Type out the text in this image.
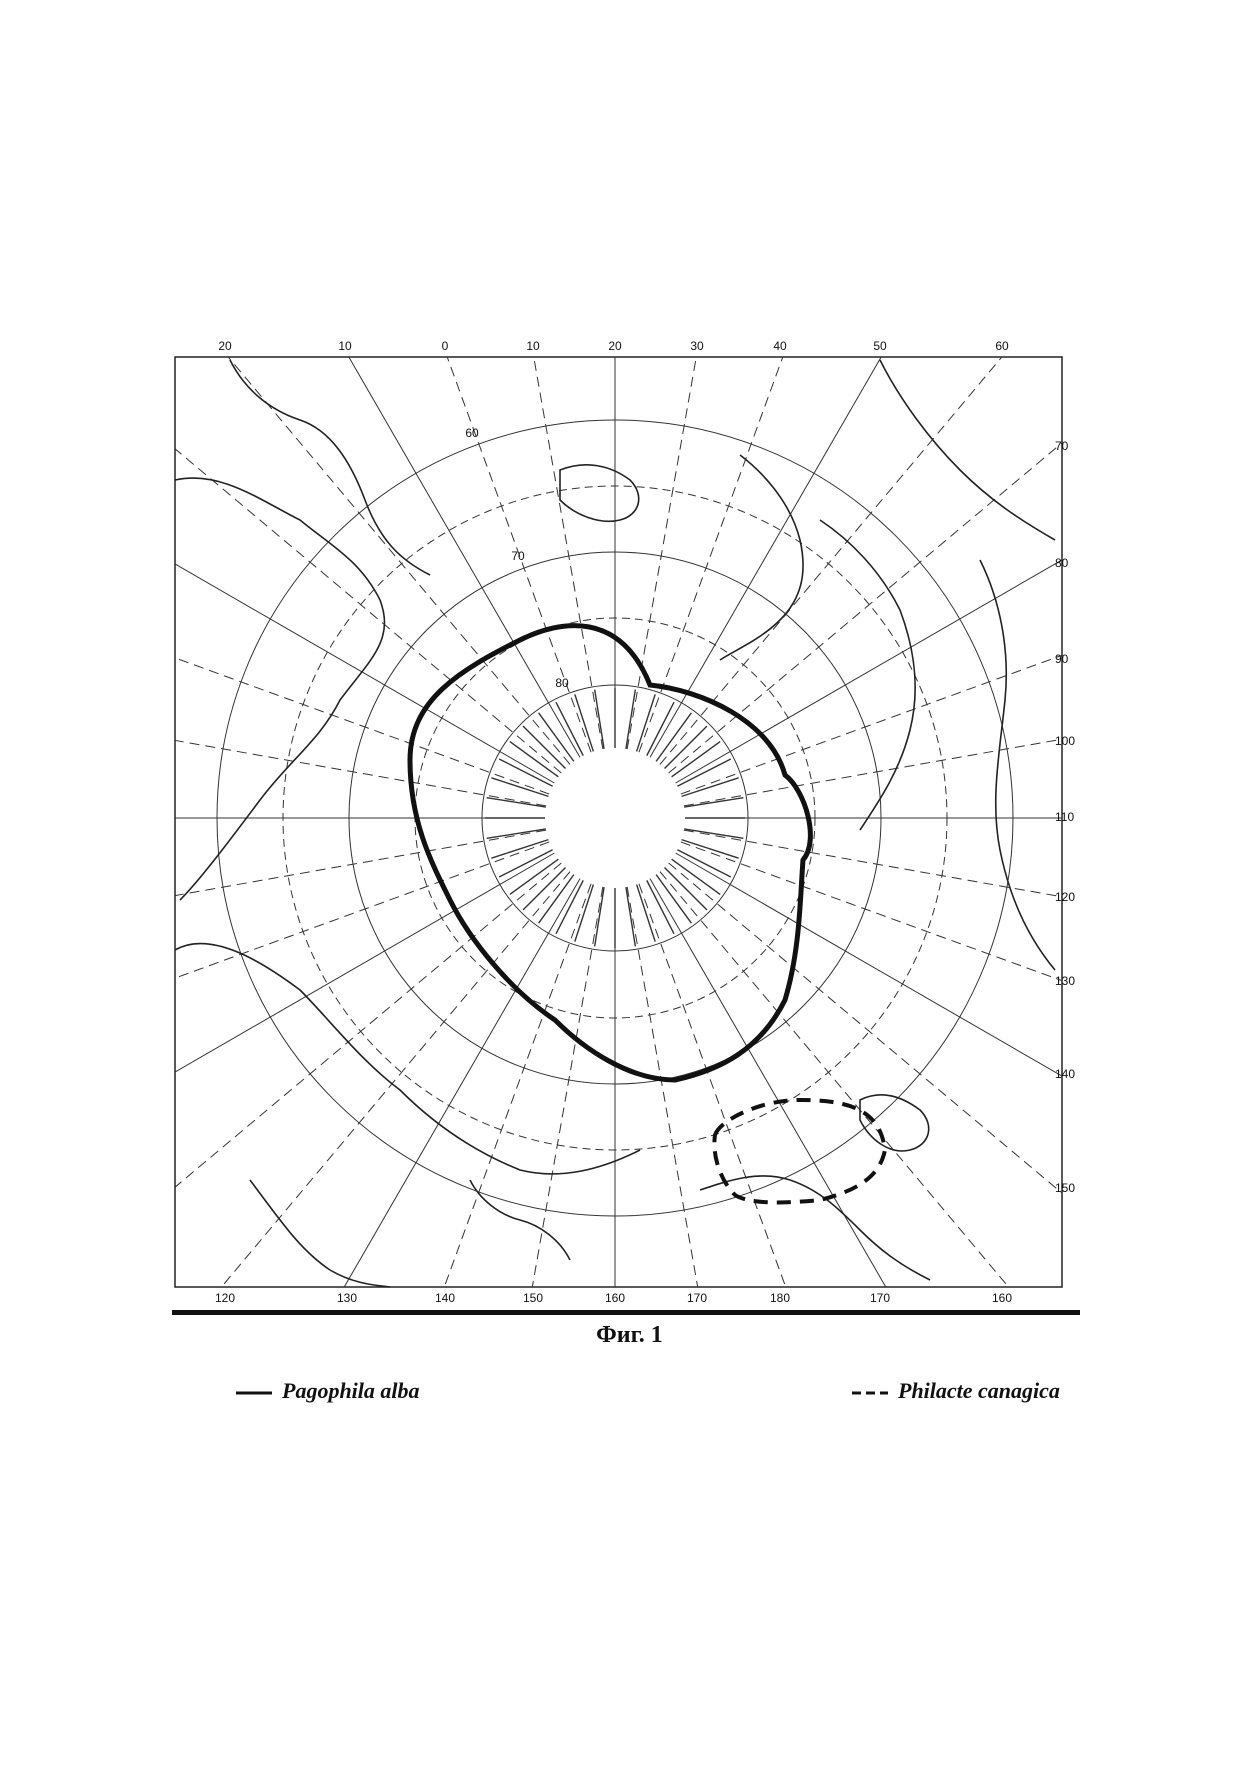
20	10	0	10	20	30	40	50	60
70
80
90
100
110
120
130
140
150
120	130	140	150	160	170	180	170	160
60
70
80
Фиг. 1
Pagophila alba	Philacte canagica
